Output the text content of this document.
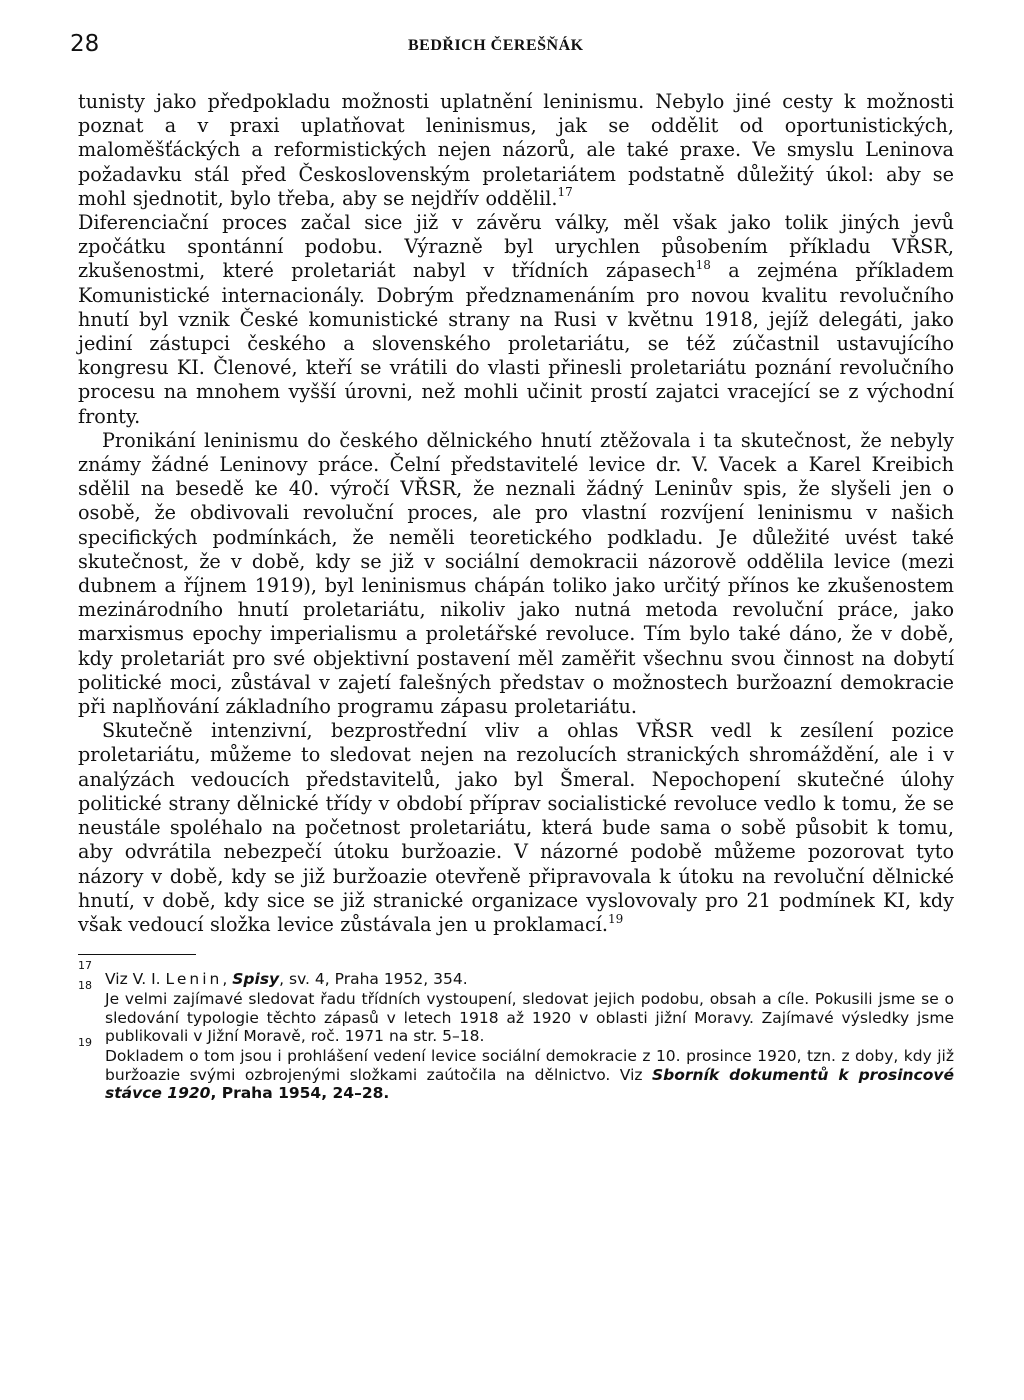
28	BEDŘICH ČEREŠŇÁK

tunisty jako předpokladu možnosti uplatnění leninismu. Nebylo jiné cesty k možnosti poznat a v praxi uplatňovat leninismus, jak se oddělit od oportunistických, maloměšťáckých a reformistických nejen názorů, ale také praxe. Ve smyslu Leninova požadavku stál před Československým proletariátem podstatně důležitý úkol: aby se mohl sjednotit, bylo třeba, aby se nejdřív oddělil.$^{17}$

Diferenciační proces začal sice již v závěru války, měl však jako tolik jiných jevů zpočátku spontánní podobu. Výrazně byl urychlen působením příkladu VŘSR, zkušenostmi, které proletariát nabyl v třídních zápasech$^{18}$ a zejména příkladem Komunistické internacionály. Dobrým předznamenáním pro novou kvalitu revolučního hnutí byl vznik České komunistické strany na Rusi v květnu 1918, jejíž delegáti, jako jediní zástupci českého a slovenského proletariátu, se též zúčastnil ustavujícího kongresu KI. Členové, kteří se vrátili do vlasti přinesli proletariátu poznání revolučního procesu na mnohem vyšší úrovni, než mohli učinit prostí zajatci vracející se z východní fronty.

Pronikání leninismu do českého dělnického hnutí ztěžovala i ta skutečnost, že nebyly známy žádné Leninovy práce. Čelní představitelé levice dr. V. Vacek a Karel Kreibich sdělil na besedě ke 40. výročí VŘSR, že neznali žádný Leninův spis, že slyšeli jen o osobě, že obdivovali revoluční proces, ale pro vlastní rozvíjení leninismu v našich specifických podmínkách, že neměli teoretického podkladu. Je důležité uvést také skutečnost, že v době, kdy se již v sociální demokracii názorově oddělila levice (mezi dubnem a říjnem 1919), byl leninismus chápán toliko jako určitý přínos ke zkušenostem mezinárodního hnutí proletariátu, nikoliv jako nutná metoda revoluční práce, jako marxismus epochy imperialismu a proletářské revoluce. Tím bylo také dáno, že v době, kdy proletariát pro své objektivní postavení měl zaměřit všechnu svou činnost na dobytí politické moci, zůstával v zajetí falešných představ o možnostech buržoazní demokracie při naplňování základního programu zápasu proletariátu.

Skutečně intenzivní, bezprostřední vliv a ohlas VŘSR vedl k zesílení pozice proletariátu, můžeme to sledovat nejen na rezolucích stranických shromáždění, ale i v analýzách vedoucích představitelů, jako byl Šmeral. Nepochopení skutečné úlohy politické strany dělnické třídy v období příprav socialistické revoluce vedlo k tomu, že se neustále spoléhalo na početnost proletariátu, která bude sama o sobě působit k tomu, aby odvrátila nebezpečí útoku buržoazie. V názorné podobě můžeme pozorovat tyto názory v době, kdy se již buržoazie otevřeně připravovala k útoku na revoluční dělnické hnutí, v době, kdy sice se již stranické organizace vyslovovaly pro 21 podmínek KI, kdy však vedoucí složka levice zůstávala jen u proklamací.$^{19}$

17
Viz V. I. Lenin, Spisy, sv. 4, Praha 1952, 354.

18
Je velmi zajímavé sledovat řadu třídních vystoupení, sledovat jejich podobu, obsah a cíle. Pokusili jsme se o sledování typologie těchto zápasů v letech 1918 až 1920 v oblasti jižní Moravy. Zajímavé výsledky jsme publikovali v Jižní Moravě, roč. 1971 na str. 5–18.

19
Dokladem o tom jsou i prohlášení vedení levice sociální demokracie z 10. prosince 1920, tzn. z doby, kdy již buržoazie svými ozbrojenými složkami zaútočila na dělnictvo. Viz Sborník dokumentů k prosincové stávce 1920, Praha 1954, 24–28.
